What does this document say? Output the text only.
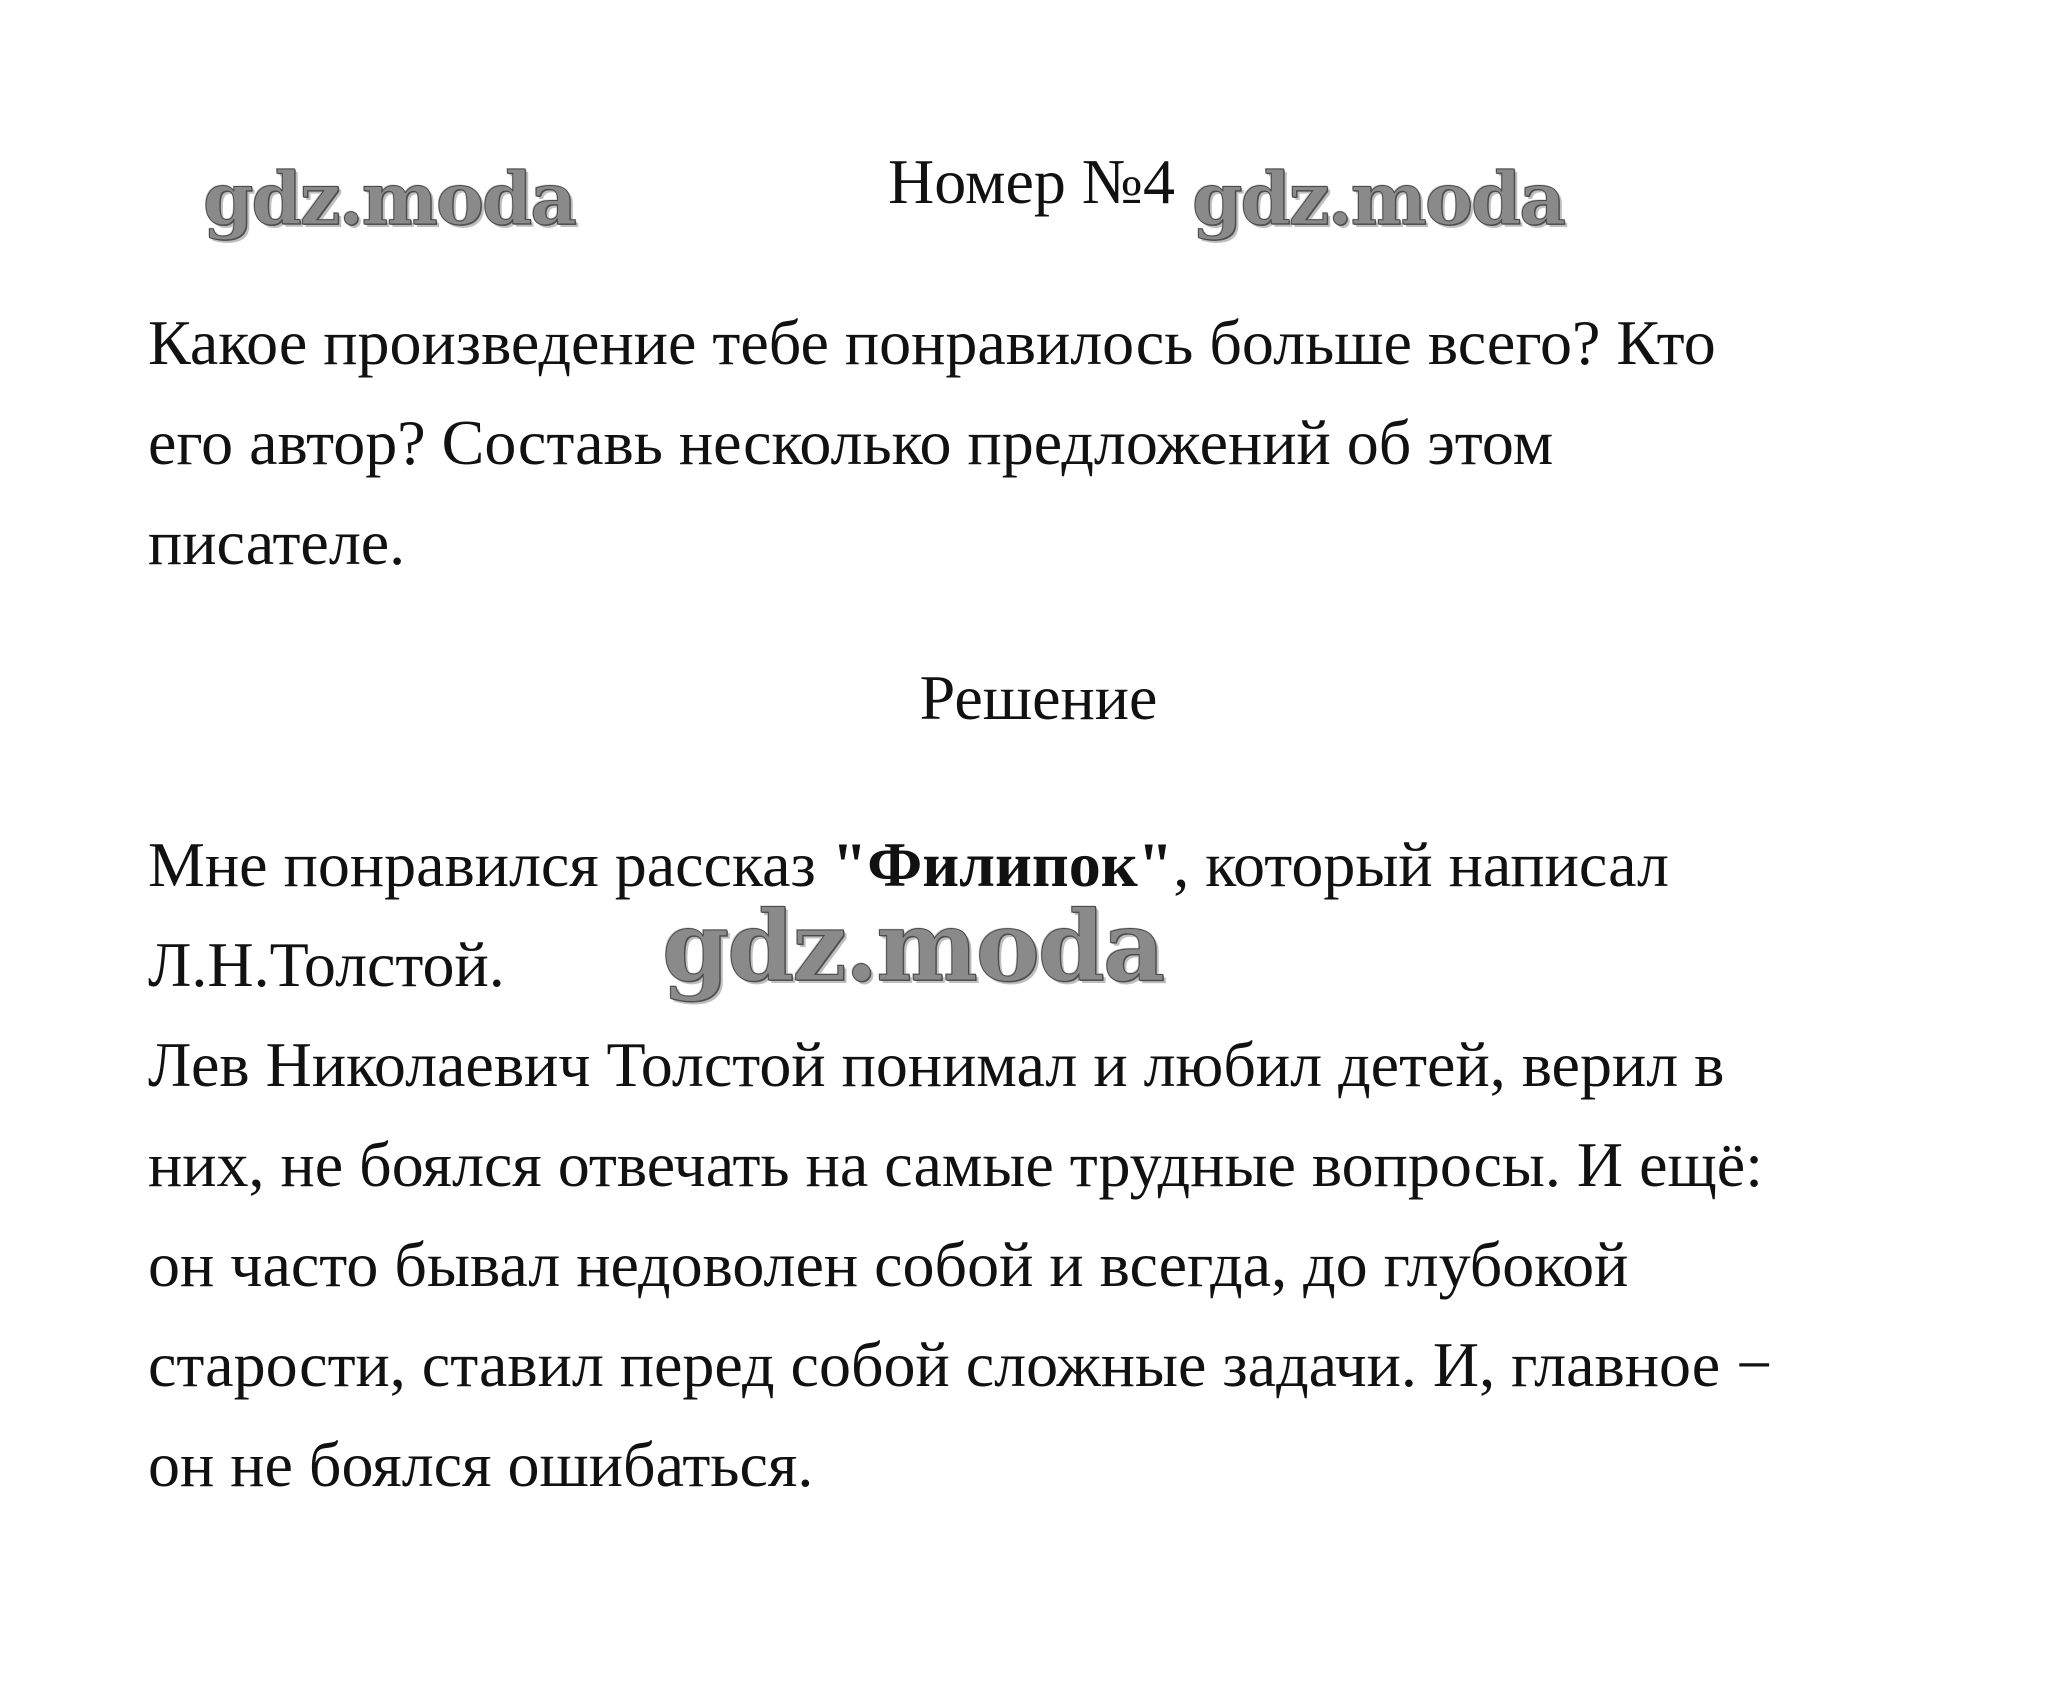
gdz.moda	Номер №4 gdz.moda
Какое произведение тебе понравилось больше всего? Кто
его автор? Составь несколько предложений об этом
писателе.
Решение
Мне понравился рассказ "Филипок", который написал
Л.Н.Толстой.
Лев Николаевич Толстой понимал и любил детей, верил в
них, не боялся отвечать на самые трудные вопросы. И ещё:
он часто бывал недоволен собой и всегда, до глубокой
старости, ставил перед собой сложные задачи. И, главное −
он не боялся ошибаться.
gdz.moda
